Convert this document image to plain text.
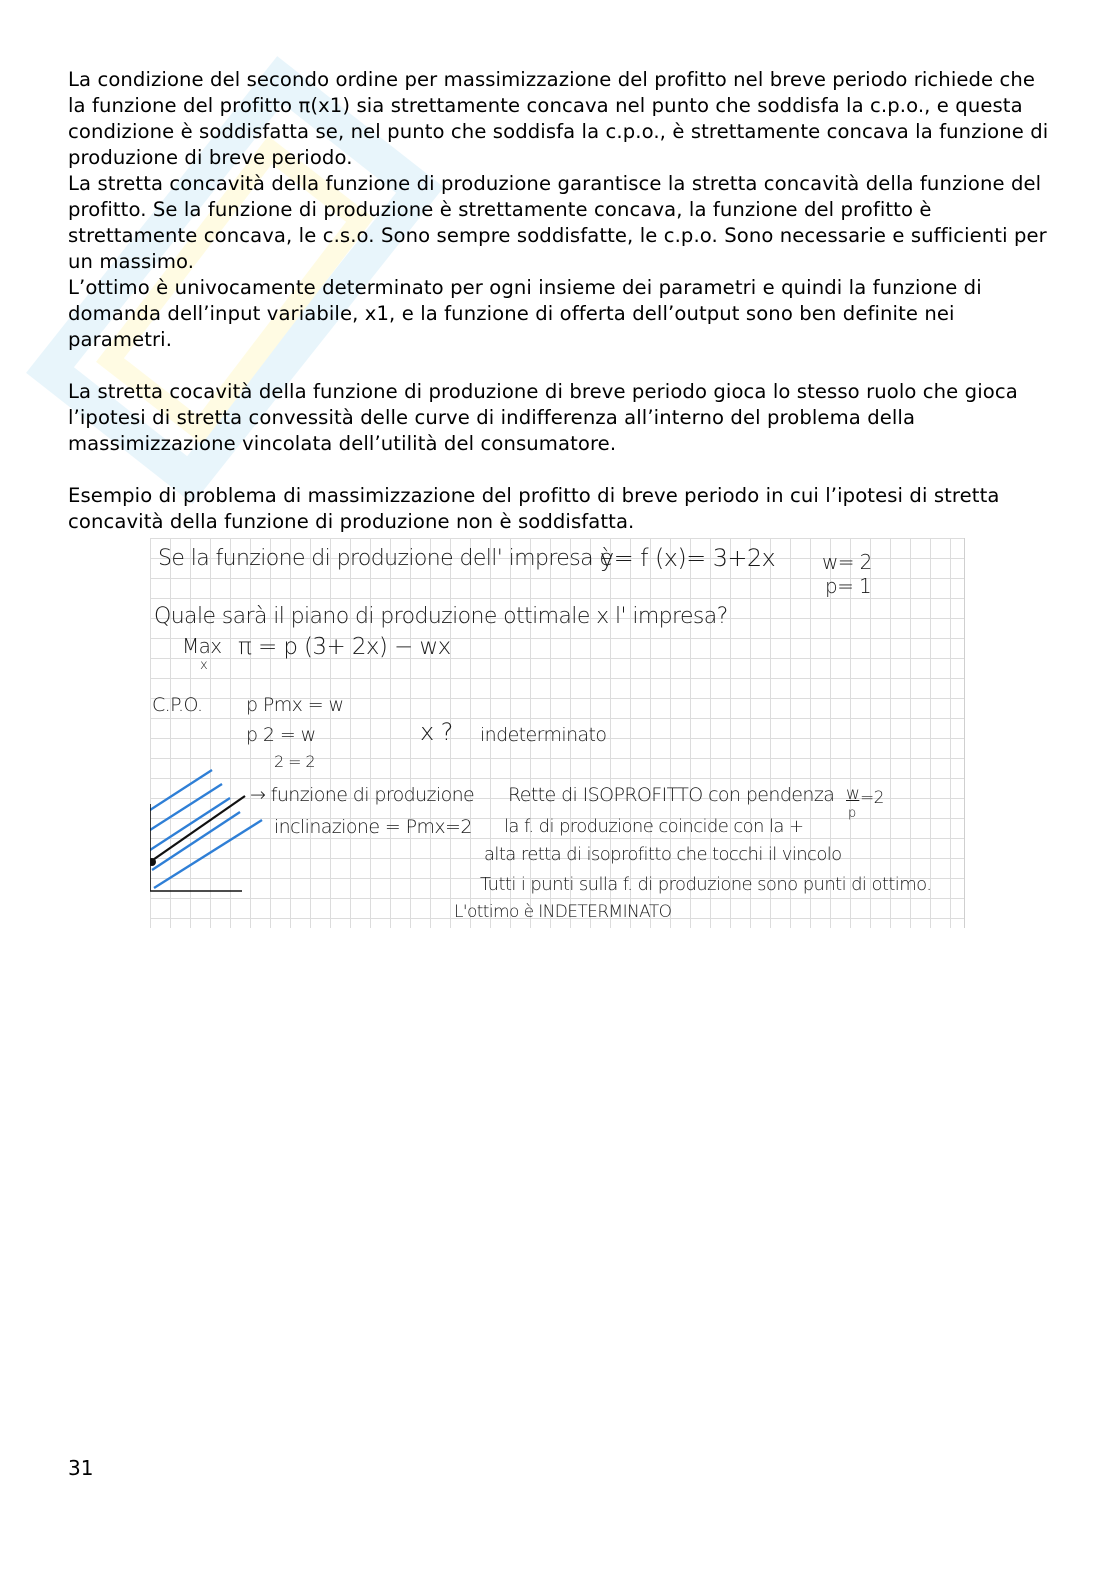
La condizione del secondo ordine per massimizzazione del profitto nel breve periodo richiede che la funzione del profitto π(x1) sia strettamente concava nel punto che soddisfa la c.p.o., e questa condizione è soddisfatta se, nel punto che soddisfa la c.p.o., è strettamente concava la funzione di produzione di breve periodo.

La stretta concavità della funzione di produzione garantisce la stretta concavità della funzione del profitto. Se la funzione di produzione è strettamente concava, la funzione del profitto è strettamente concava, le c.s.o. Sono sempre soddisfatte, le c.p.o. Sono necessarie e sufficienti per un massimo.

L’ottimo è univocamente determinato per ogni insieme dei parametri e quindi la funzione di domanda dell’input variabile, x1, e la funzione di offerta dell’output sono ben definite nei parametri.

La stretta cocavità della funzione di produzione di breve periodo gioca lo stesso ruolo che gioca l’ipotesi di stretta convessità delle curve di indifferenza all’interno del problema della massimizzazione vincolata dell’utilità del consumatore.

Esempio di problema di massimizzazione del profitto di breve periodo in cui l’ipotesi di stretta concavità della funzione di produzione non è soddisfatta.

Se la funzione di produzione dell' impresa è
y= f (x)= 3+2x w= 2
p= 1
Quale sarà il piano di produzione ottimale x l' impresa?
Max
x
π = p (3+ 2x) − wx
C.P.O. p Pmx = w
p 2 = w
2 = 2
x ? indeterminato
→ funzione di produzione
inclinazione = Pmx=2
Rette di ISOPROFITTO con pendenza w =2
p
la f. di produzione coincide con la +
alta retta di isoprofitto che tocchi il vincolo
Tutti i punti sulla f. di produzione sono punti di ottimo.
L'ottimo è INDETERMINATO
31
